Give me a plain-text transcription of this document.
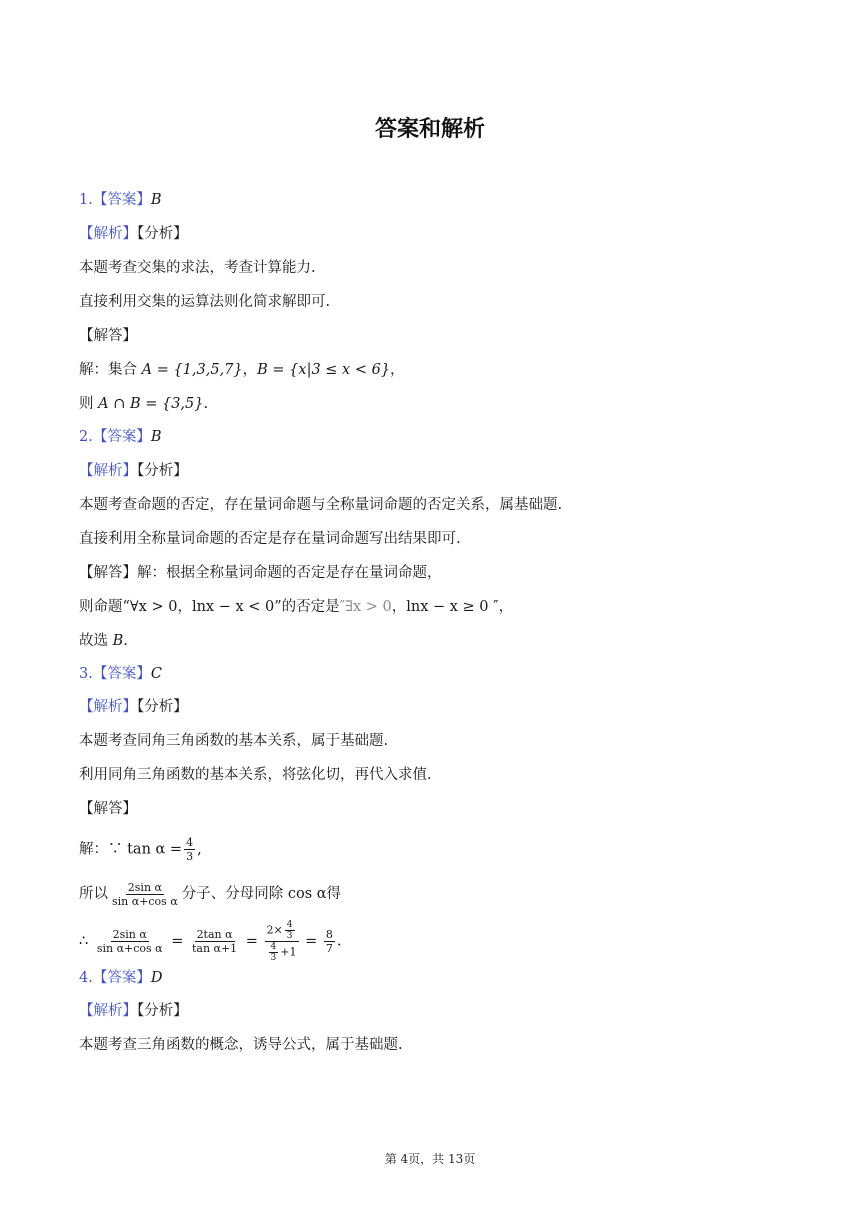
答案和解析
1.【答案】B
【解析】【分析】
本题考查交集的求法，考查计算能力.
直接利用交集的运算法则化简求解即可.
【解答】
解：集合 A = {1,3,5,7}，B = {x|3 ≤ x < 6}，
则 A ∩ B = {3,5}.
2.【答案】B
【解析】【分析】
本题考查命题的否定，存在量词命题与全称量词命题的否定关系，属基础题.
直接利用全称量词命题的否定是存在量词命题写出结果即可.
【解答】解：根据全称量词命题的否定是存在量词命题，
则命题“∀x > 0，lnx − x < 0”的否定是″∃x > 0，lnx − x ≥ 0 ″，
故选 B.
3.【答案】C
【解析】【分析】
本题考查同角三角函数的基本关系，属于基础题.
利用同角三角函数的基本关系，将弦化切，再代入求值.
【解答】
解：∵ $\tan \alpha = \frac{4}{3}$ ,
所以 $\frac{\text{2sin α}}{\text{sin α+cos α}}$ 分子、分母同除 cos α得
∴ $\frac{\text{2sin α}}{\text{sin α+cos α}} = \frac{\text{2tan α}}{\text{tan α+1}} = \frac{2\times \frac{4}{3}}{\frac{4}{3} +1} = \frac{8}{7}$ .
4.【答案】D
【解析】【分析】
本题考查三角函数的概念，诱导公式，属于基础题.
第 4页，共 13页
